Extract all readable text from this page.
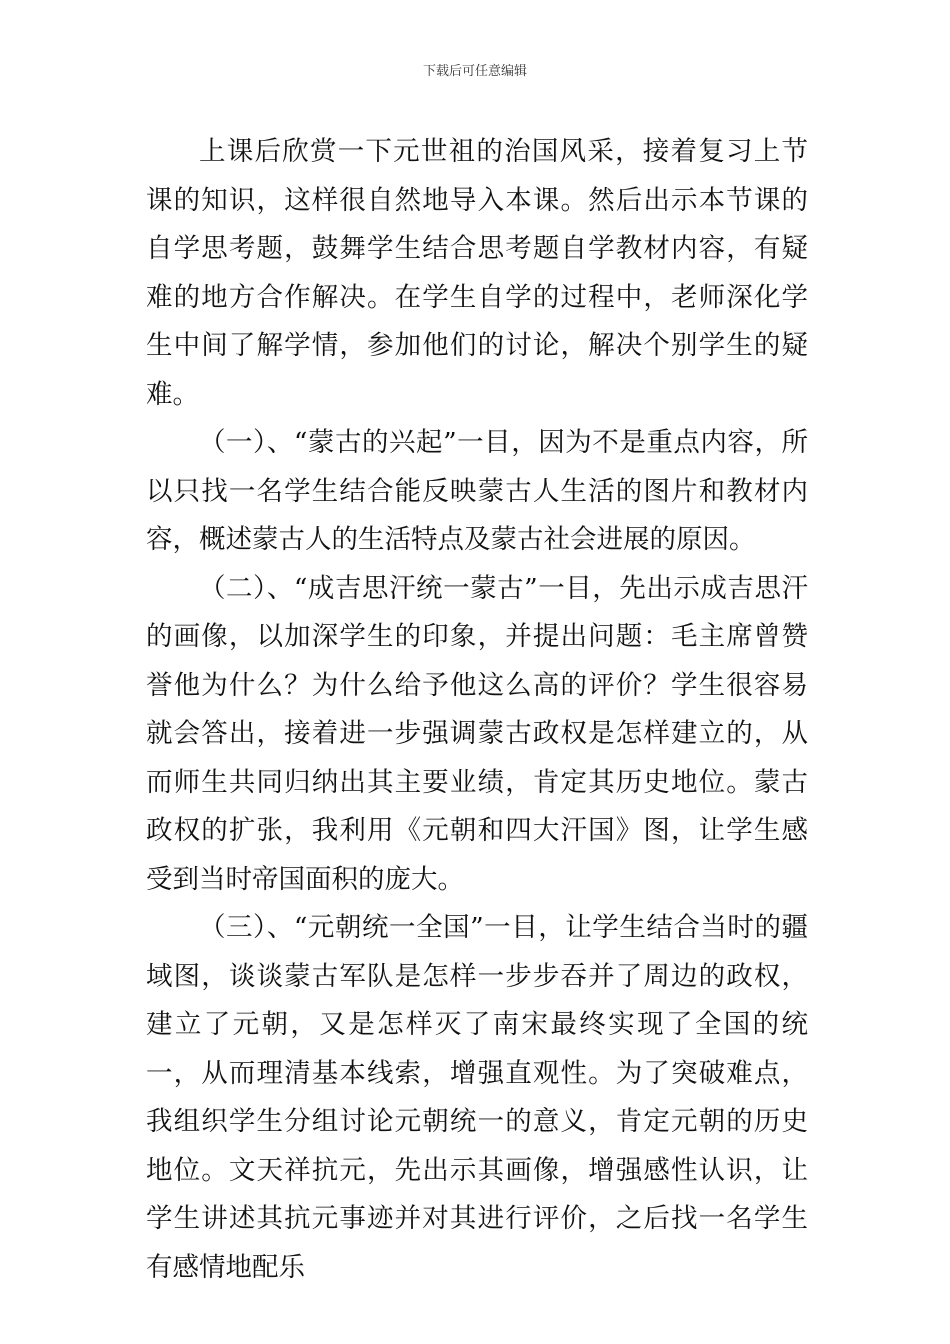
下载后可任意编辑

上课后欣赏一下元世祖的治国风采，接着复习上节课的知识，这样很自然地导入本课。然后出示本节课的自学思考题，鼓舞学生结合思考题自学教材内容，有疑难的地方合作解决。在学生自学的过程中，老师深化学生中间了解学情，参加他们的讨论，解决个别学生的疑难。

（一）、“蒙古的兴起”一目，因为不是重点内容，所以只找一名学生结合能反映蒙古人生活的图片和教材内容，概述蒙古人的生活特点及蒙古社会进展的原因。

（二）、“成吉思汗统一蒙古”一目，先出示成吉思汗的画像，以加深学生的印象，并提出问题：毛主席曾赞誉他为什么？为什么给予他这么高的评价？学生很容易就会答出，接着进一步强调蒙古政权是怎样建立的，从而师生共同归纳出其主要业绩，肯定其历史地位。蒙古政权的扩张，我利用《元朝和四大汗国》图，让学生感受到当时帝国面积的庞大。

（三）、“元朝统一全国”一目，让学生结合当时的疆域图，谈谈蒙古军队是怎样一步步吞并了周边的政权，建立了元朝，又是怎样灭了南宋最终实现了全国的统一，从而理清基本线索，增强直观性。为了突破难点，我组织学生分组讨论元朝统一的意义，肯定元朝的历史地位。文天祥抗元，先出示其画像，增强感性认识，让学生讲述其抗元事迹并对其进行评价，之后找一名学生有感情地配乐
